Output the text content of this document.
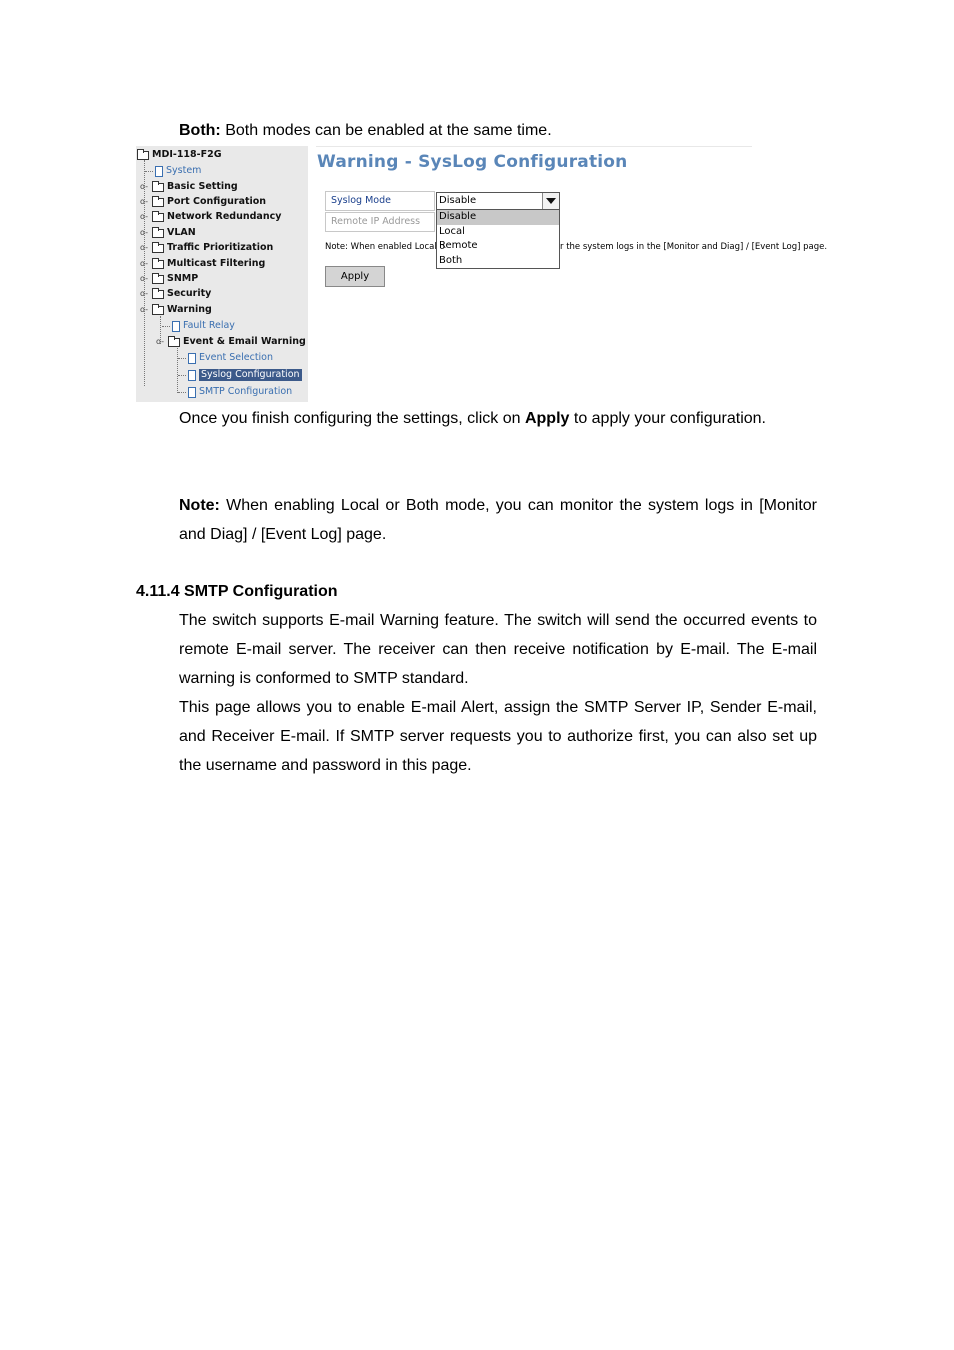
Both: Both modes can be enabled at the same time.
MDI-118-F2G
System
o- Basic Setting
o- Port Configuration
o- Network Redundancy
o- VLAN
o- Traffic Prioritization
o- Multicast Filtering
o- SNMP
o- Security
o- Warning
Fault Relay
o- Event & Email Warning
Event Selection
Syslog Configuration
SMTP Configuration
Warning - SysLog Configuration
Syslog Mode
Remote IP Address
Disable
Disable
Local
Remote
Both
Note: When enabled Local o	r the system logs in the [Monitor and Diag] / [Event Log] page.
Apply
Once you finish configuring the settings, click on Apply to apply your configuration.
Note: When enabling Local or Both mode, you can monitor the system logs in [Monitor and Diag] / [Event Log] page.
4.11.4 SMTP Configuration
The switch supports E-mail Warning feature. The switch will send the occurred events to remote E-mail server. The receiver can then receive notification by E-mail. The E-mail warning is conformed to SMTP standard.
This page allows you to enable E-mail Alert, assign the SMTP Server IP, Sender E-mail, and Receiver E-mail. If SMTP server requests you to authorize first, you can also set up the username and password in this page.
